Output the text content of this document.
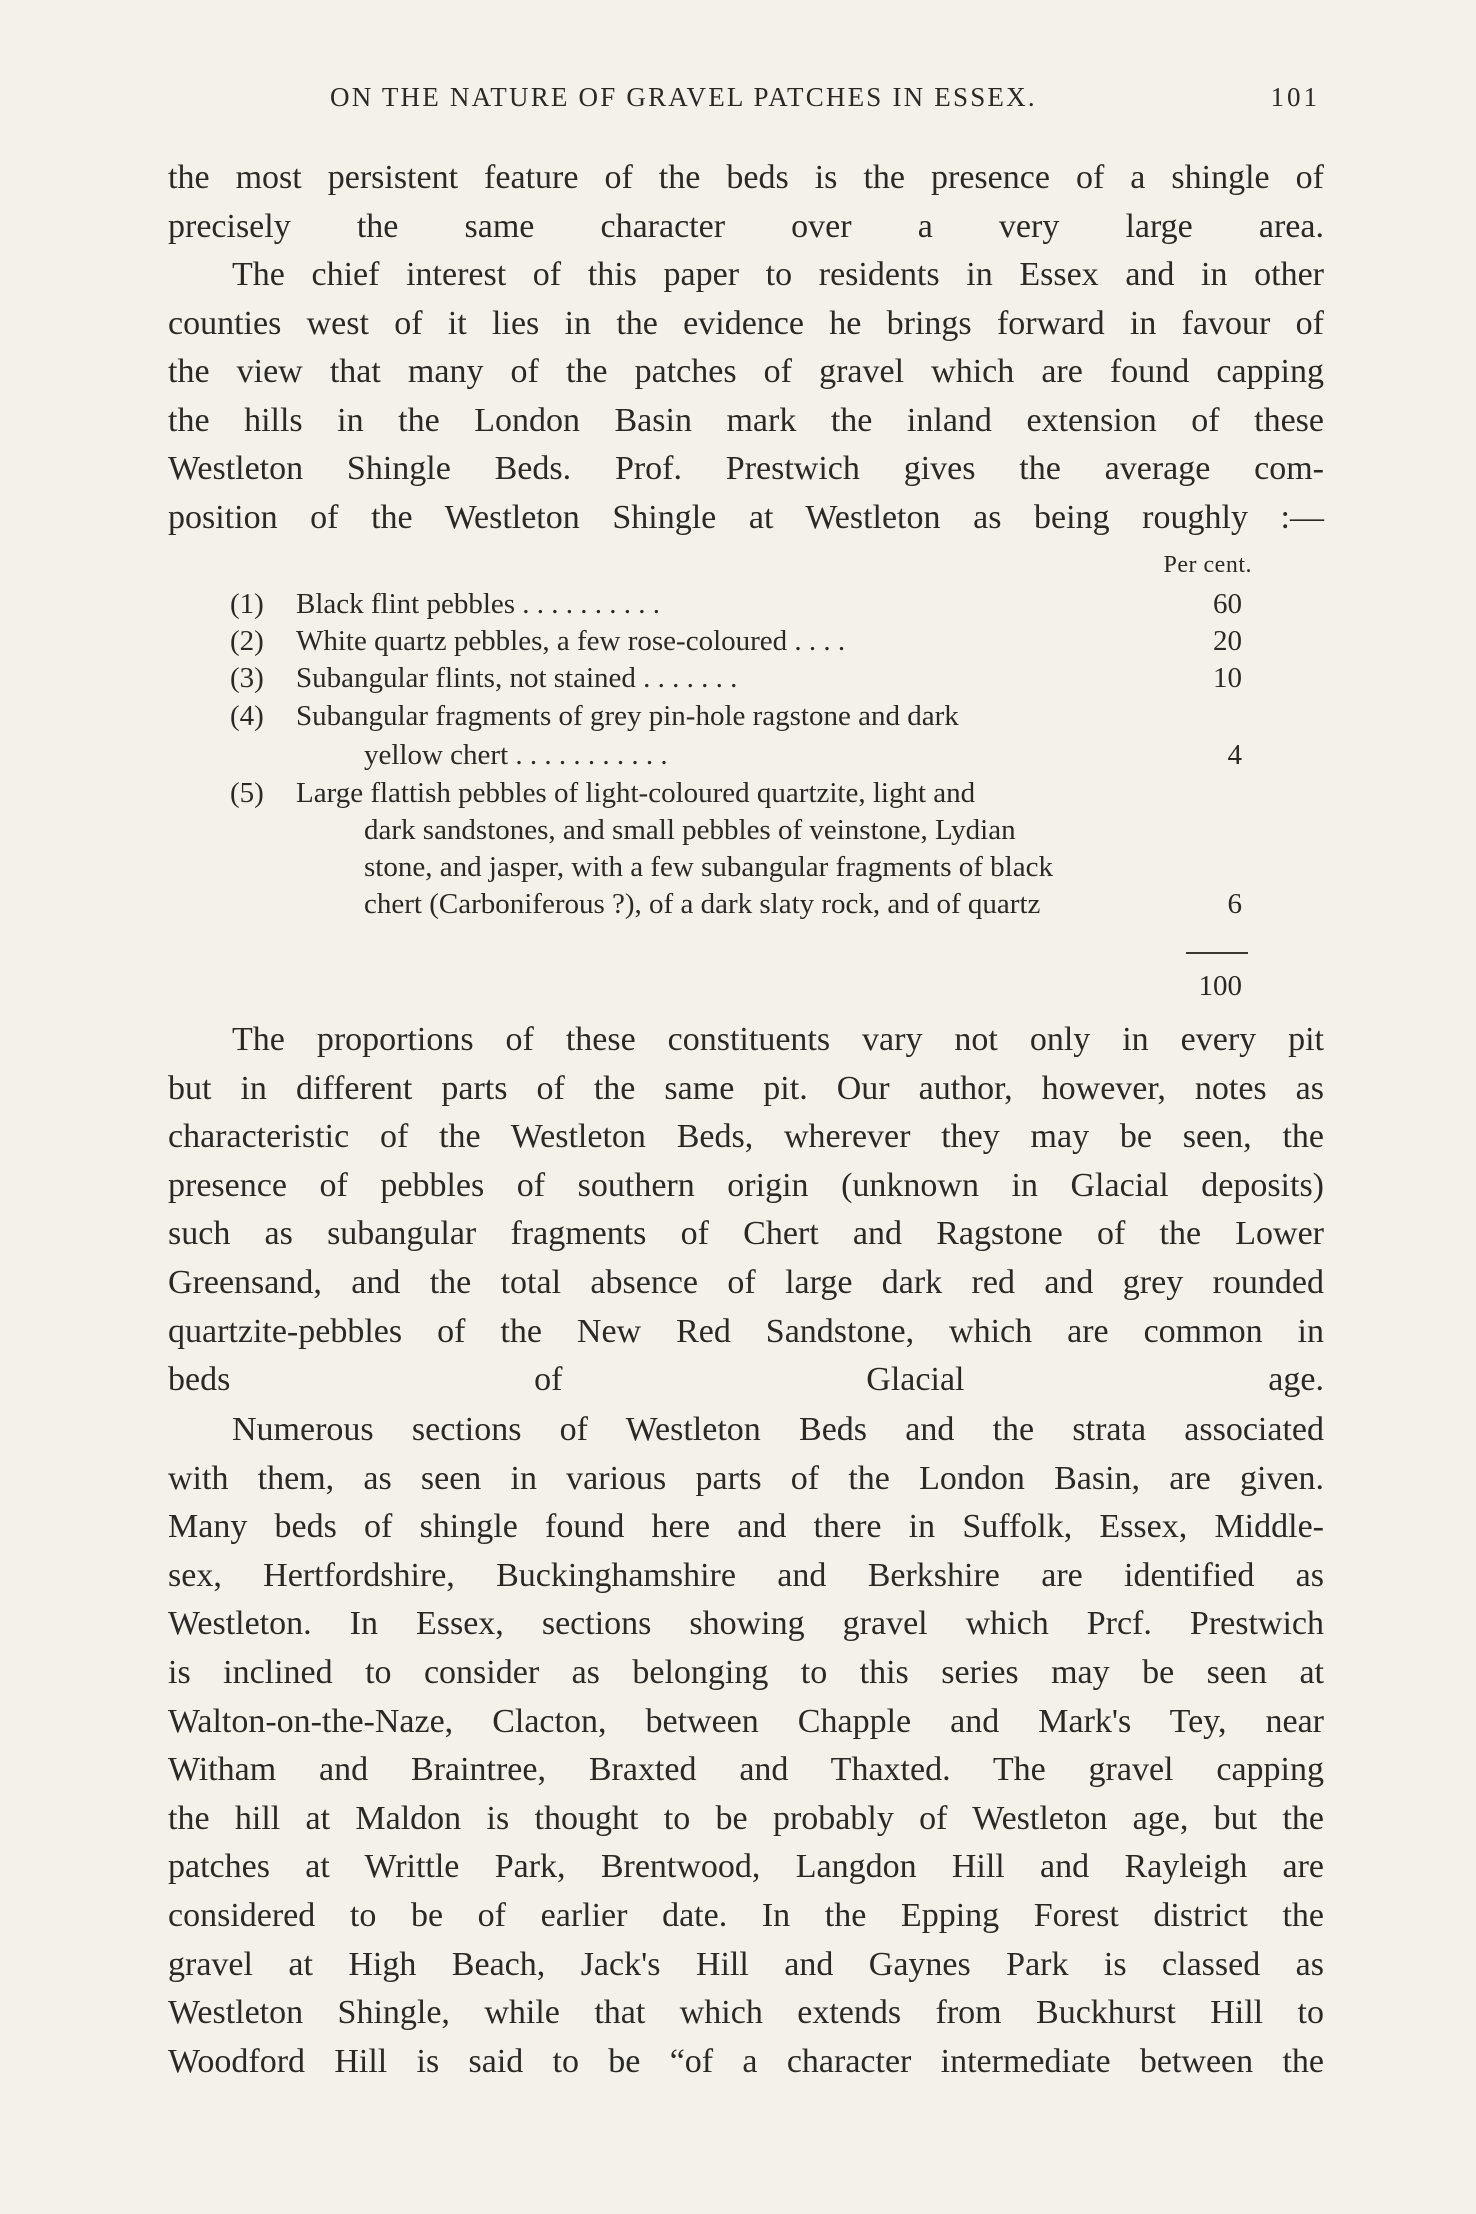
ON THE NATURE OF GRAVEL PATCHES IN ESSEX.	101

the most persistent feature of the beds is the presence of a shingle of
precisely the same character over a very large area.

The chief interest of this paper to residents in Essex and in other
counties west of it lies in the evidence he brings forward in favour of
the view that many of the patches of gravel which are found capping
the hills in the London Basin mark the inland extension of these
Westleton Shingle Beds. Prof. Prestwich gives the average com-
position of the Westleton Shingle at Westleton as being roughly :—

The proportions of these constituents vary not only in every pit
but in different parts of the same pit. Our author, however, notes as
characteristic of the Westleton Beds, wherever they may be seen, the
presence of pebbles of southern origin (unknown in Glacial deposits)
such as subangular fragments of Chert and Ragstone of the Lower
Greensand, and the total absence of large dark red and grey rounded
quartzite-pebbles of the New Red Sandstone, which are common in
beds of Glacial age.

Numerous sections of Westleton Beds and the strata associated
with them, as seen in various parts of the London Basin, are given.
Many beds of shingle found here and there in Suffolk, Essex, Middle-
sex, Hertfordshire, Buckinghamshire and Berkshire are identified as
Westleton. In Essex, sections showing gravel which Prcf. Prestwich
is inclined to consider as belonging to this series may be seen at
Walton-on-the-Naze, Clacton, between Chapple and Mark's Tey, near
Witham and Braintree, Braxted and Thaxted. The gravel capping
the hill at Maldon is thought to be probably of Westleton age, but the
patches at Writtle Park, Brentwood, Langdon Hill and Rayleigh are
considered to be of earlier date. In the Epping Forest district the
gravel at High Beach, Jack's Hill and Gaynes Park is classed as
Westleton Shingle, while that which extends from Buckhurst Hill to
Woodford Hill is said to be “of a character intermediate between the

Per cent.
(1) Black flint pebbles . . . . . . . . . .	60
(2) White quartz pebbles, a few rose-coloured . . . .	20
(3) Subangular flints, not stained . . . . . . .	10
(4) Subangular fragments of grey pin-hole ragstone and dark
yellow chert . . . . . . . . . . .	4
(5) Large flattish pebbles of light-coloured quartzite, light and
dark sandstones, and small pebbles of veinstone, Lydian
stone, and jasper, with a few subangular fragments of black
chert (Carboniferous ?), of a dark slaty rock, and of quartz	6
100
